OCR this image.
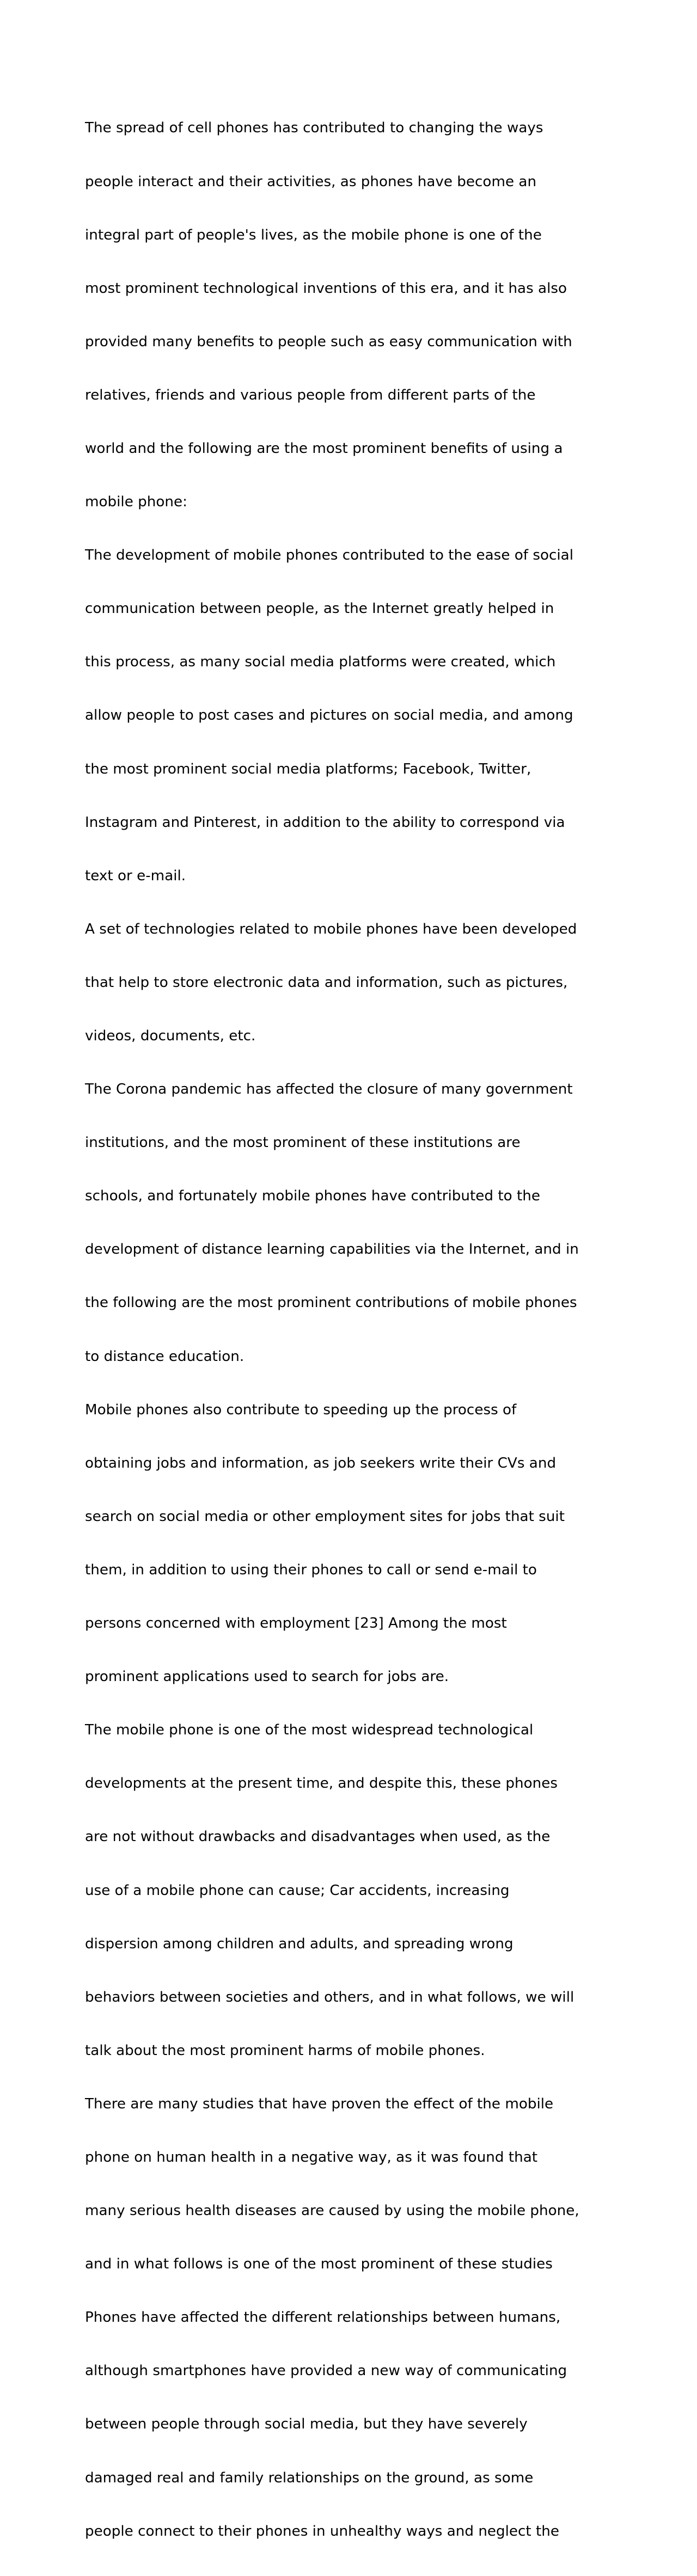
The spread of cell phones has contributed to changing the ways

people interact and their activities, as phones have become an

integral part of people's lives, as the mobile phone is one of the

most prominent technological inventions of this era, and it has also

provided many benefits to people such as easy communication with

relatives, friends and various people from different parts of the

world and the following are the most prominent benefits of using a

mobile phone:

The development of mobile phones contributed to the ease of social

communication between people, as the Internet greatly helped in

this process, as many social media platforms were created, which

allow people to post cases and pictures on social media, and among

the most prominent social media platforms; Facebook, Twitter,

Instagram and Pinterest, in addition to the ability to correspond via

text or e-mail.

A set of technologies related to mobile phones have been developed

that help to store electronic data and information, such as pictures,

videos, documents, etc.

The Corona pandemic has affected the closure of many government

institutions, and the most prominent of these institutions are

schools, and fortunately mobile phones have contributed to the

development of distance learning capabilities via the Internet, and in

the following are the most prominent contributions of mobile phones

to distance education.

Mobile phones also contribute to speeding up the process of

obtaining jobs and information, as job seekers write their CVs and

search on social media or other employment sites for jobs that suit

them, in addition to using their phones to call or send e-mail to

persons concerned with employment [23] Among the most

prominent applications used to search for jobs are.

The mobile phone is one of the most widespread technological

developments at the present time, and despite this, these phones

are not without drawbacks and disadvantages when used, as the

use of a mobile phone can cause; Car accidents, increasing

dispersion among children and adults, and spreading wrong

behaviors between societies and others, and in what follows, we will

talk about the most prominent harms of mobile phones.

There are many studies that have proven the effect of the mobile

phone on human health in a negative way, as it was found that

many serious health diseases are caused by using the mobile phone,

and in what follows is one of the most prominent of these studies

Phones have affected the different relationships between humans,

although smartphones have provided a new way of communicating

between people through social media, but they have severely

damaged real and family relationships on the ground, as some

people connect to their phones in unhealthy ways and neglect the
